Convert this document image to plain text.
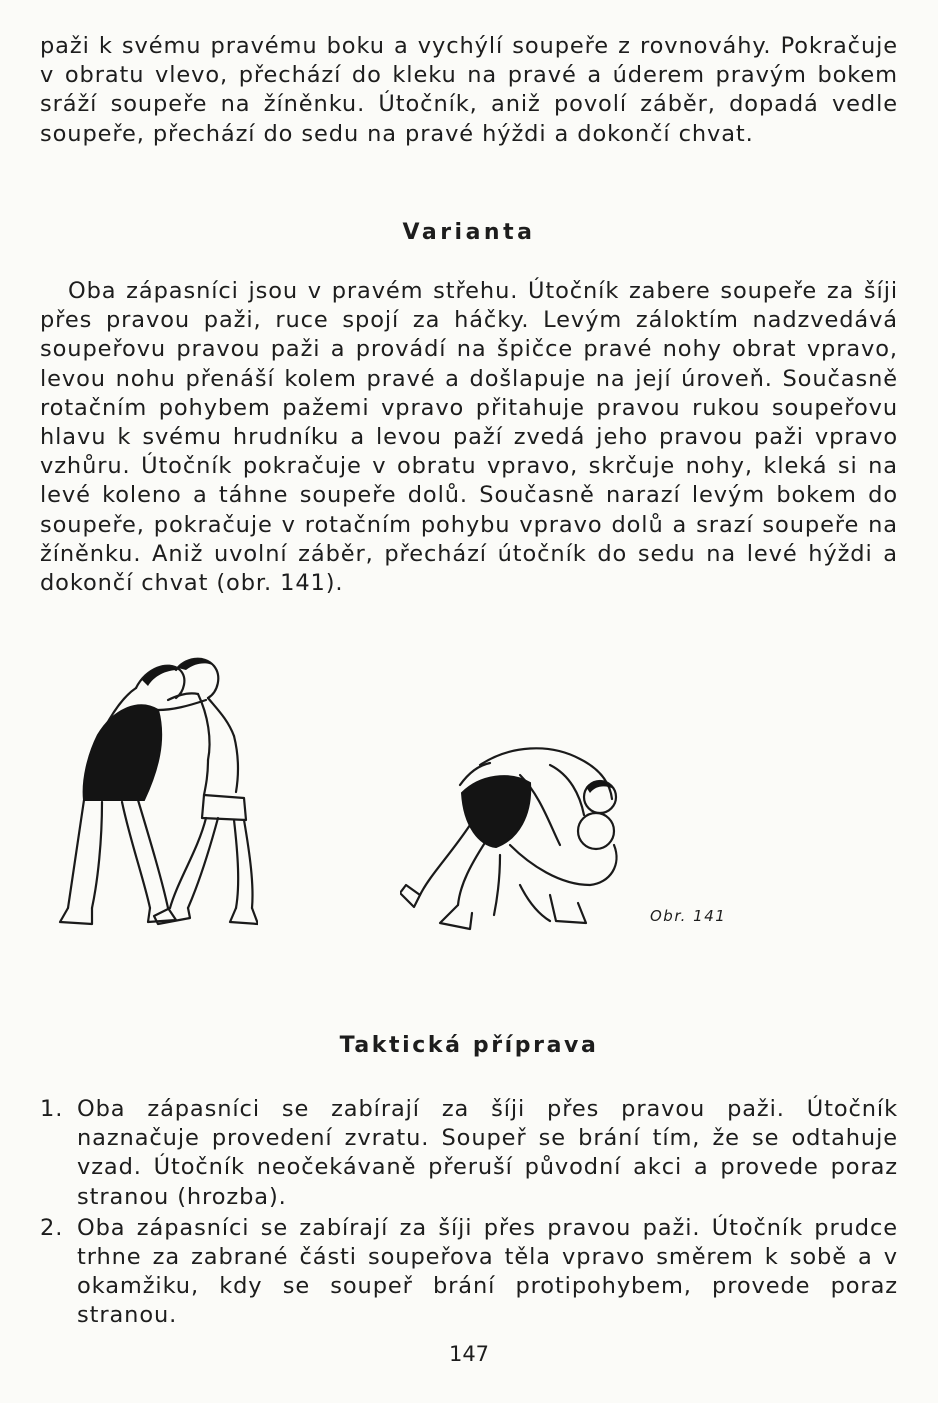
paži k svému pravému boku a vychýlí soupeře z rovnováhy. Pokračuje v obratu vlevo, přechází do kleku na pravé a úderem pravým bokem sráží soupeře na žíněnku. Útočník, aniž povolí záběr, dopadá vedle soupeře, přechází do sedu na pravé hýždi a dokončí chvat.

Varianta

Oba zápasníci jsou v pravém střehu. Útočník zabere soupeře za šíji přes pravou paži, ruce spojí za háčky. Levým záloktím nadzvedává soupeřovu pravou paži a provádí na špičce pravé nohy obrat vpravo, levou nohu přenáší kolem pravé a došlapuje na její úroveň. Současně rotačním pohybem pažemi vpravo přitahuje pravou rukou soupeřovu hlavu k svému hrudníku a levou paží zvedá jeho pravou paži vpravo vzhůru. Útočník pokračuje v obratu vpravo, skrčuje nohy, kleká si na levé koleno a táhne soupeře dolů. Současně narazí levým bokem do soupeře, pokračuje v rotačním pohybu vpravo dolů a srazí soupeře na žíněnku. Aniž uvolní záběr, přechází útočník do sedu na levé hýždi a dokončí chvat (obr. 141).

Obr. 141
Taktická příprava
1. Oba zápasníci se zabírají za šíji přes pravou paži. Útočník naznačuje provedení zvratu. Soupeř se brání tím, že se odtahuje vzad. Útočník neočekávaně přeruší původní akci a provede poraz stranou (hrozba).
2. Oba zápasníci se zabírají za šíji přes pravou paži. Útočník prudce trhne za zabrané části soupeřova těla vpravo směrem k sobě a v okamžiku, kdy se soupeř brání protipohybem, provede poraz stranou.
147
